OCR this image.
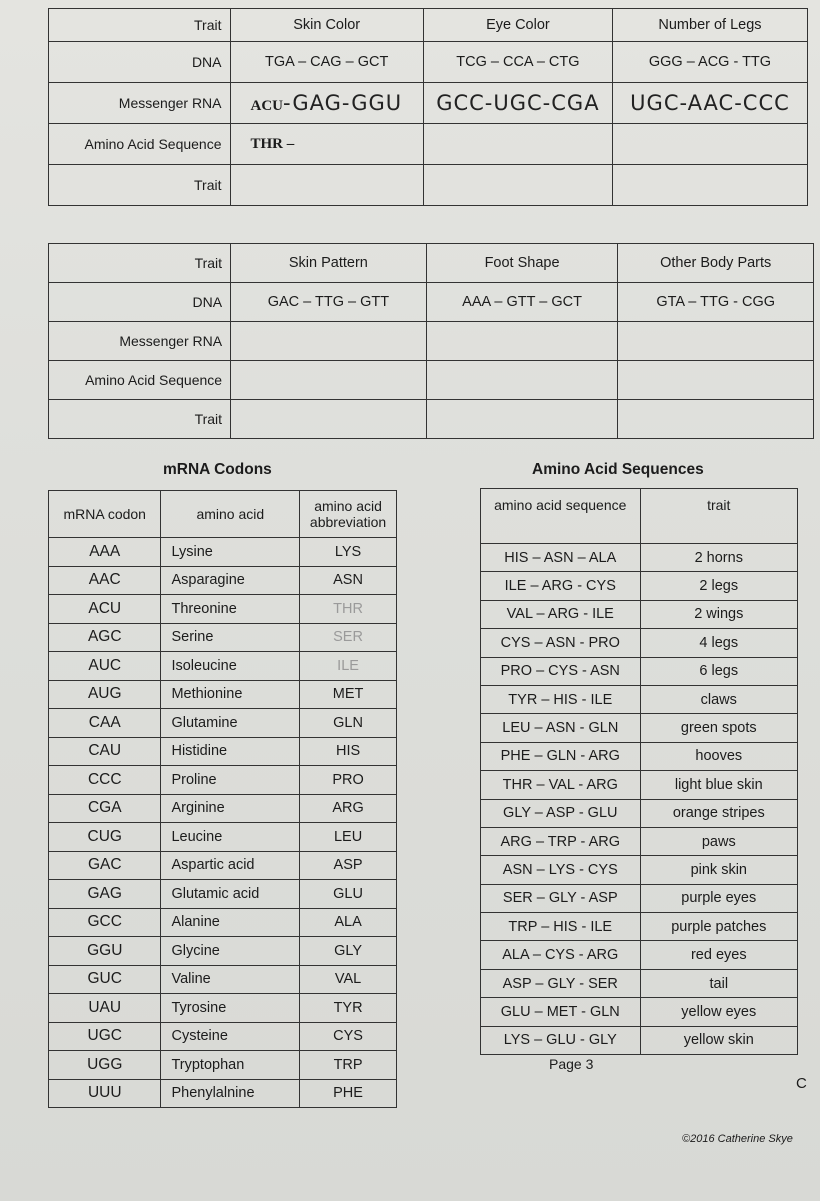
Trait	Skin Color	Eye Color	Number of Legs
DNA	TGA – CAG – GCT	TCG – CCA – CTG	GGG – ACG - TTG
Messenger RNA	ACU-GAG-GGU	GCC-UGC-CGA	UGC-AAC-CCC
Amino Acid Sequence	THR –		
Trait			
Trait	Skin Pattern	Foot Shape	Other Body Parts
DNA	GAC – TTG – GTT	AAA – GTT – GCT	GTA – TTG - CGG
Messenger RNA			
Amino Acid Sequence			
Trait			
mRNA Codons	Amino Acid Sequences
mRNA codon	amino acid	amino acid abbreviation
AAA	Lysine	LYS
AAC	Asparagine	ASN
ACU	Threonine	THR
AGC	Serine	SER
AUC	Isoleucine	ILE
AUG	Methionine	MET
CAA	Glutamine	GLN
CAU	Histidine	HIS
CCC	Proline	PRO
CGA	Arginine	ARG
CUG	Leucine	LEU
GAC	Aspartic acid	ASP
GAG	Glutamic acid	GLU
GCC	Alanine	ALA
GGU	Glycine	GLY
GUC	Valine	VAL
UAU	Tyrosine	TYR
UGC	Cysteine	CYS
UGG	Tryptophan	TRP
UUU	Phenylalnine	PHE
amino acid sequence	trait
HIS – ASN – ALA	2 horns
ILE – ARG - CYS	2 legs
VAL – ARG - ILE	2 wings
CYS – ASN - PRO	4 legs
PRO – CYS - ASN	6 legs
TYR – HIS - ILE	claws
LEU – ASN - GLN	green spots
PHE – GLN - ARG	hooves
THR – VAL - ARG	light blue skin
GLY – ASP - GLU	orange stripes
ARG – TRP - ARG	paws
ASN – LYS - CYS	pink skin
SER – GLY - ASP	purple eyes
TRP – HIS - ILE	purple patches
ALA – CYS - ARG	red eyes
ASP – GLY - SER	tail
GLU – MET - GLN	yellow eyes
LYS – GLU - GLY	yellow skin
Page 3
C
©2016 Catherine Skye
